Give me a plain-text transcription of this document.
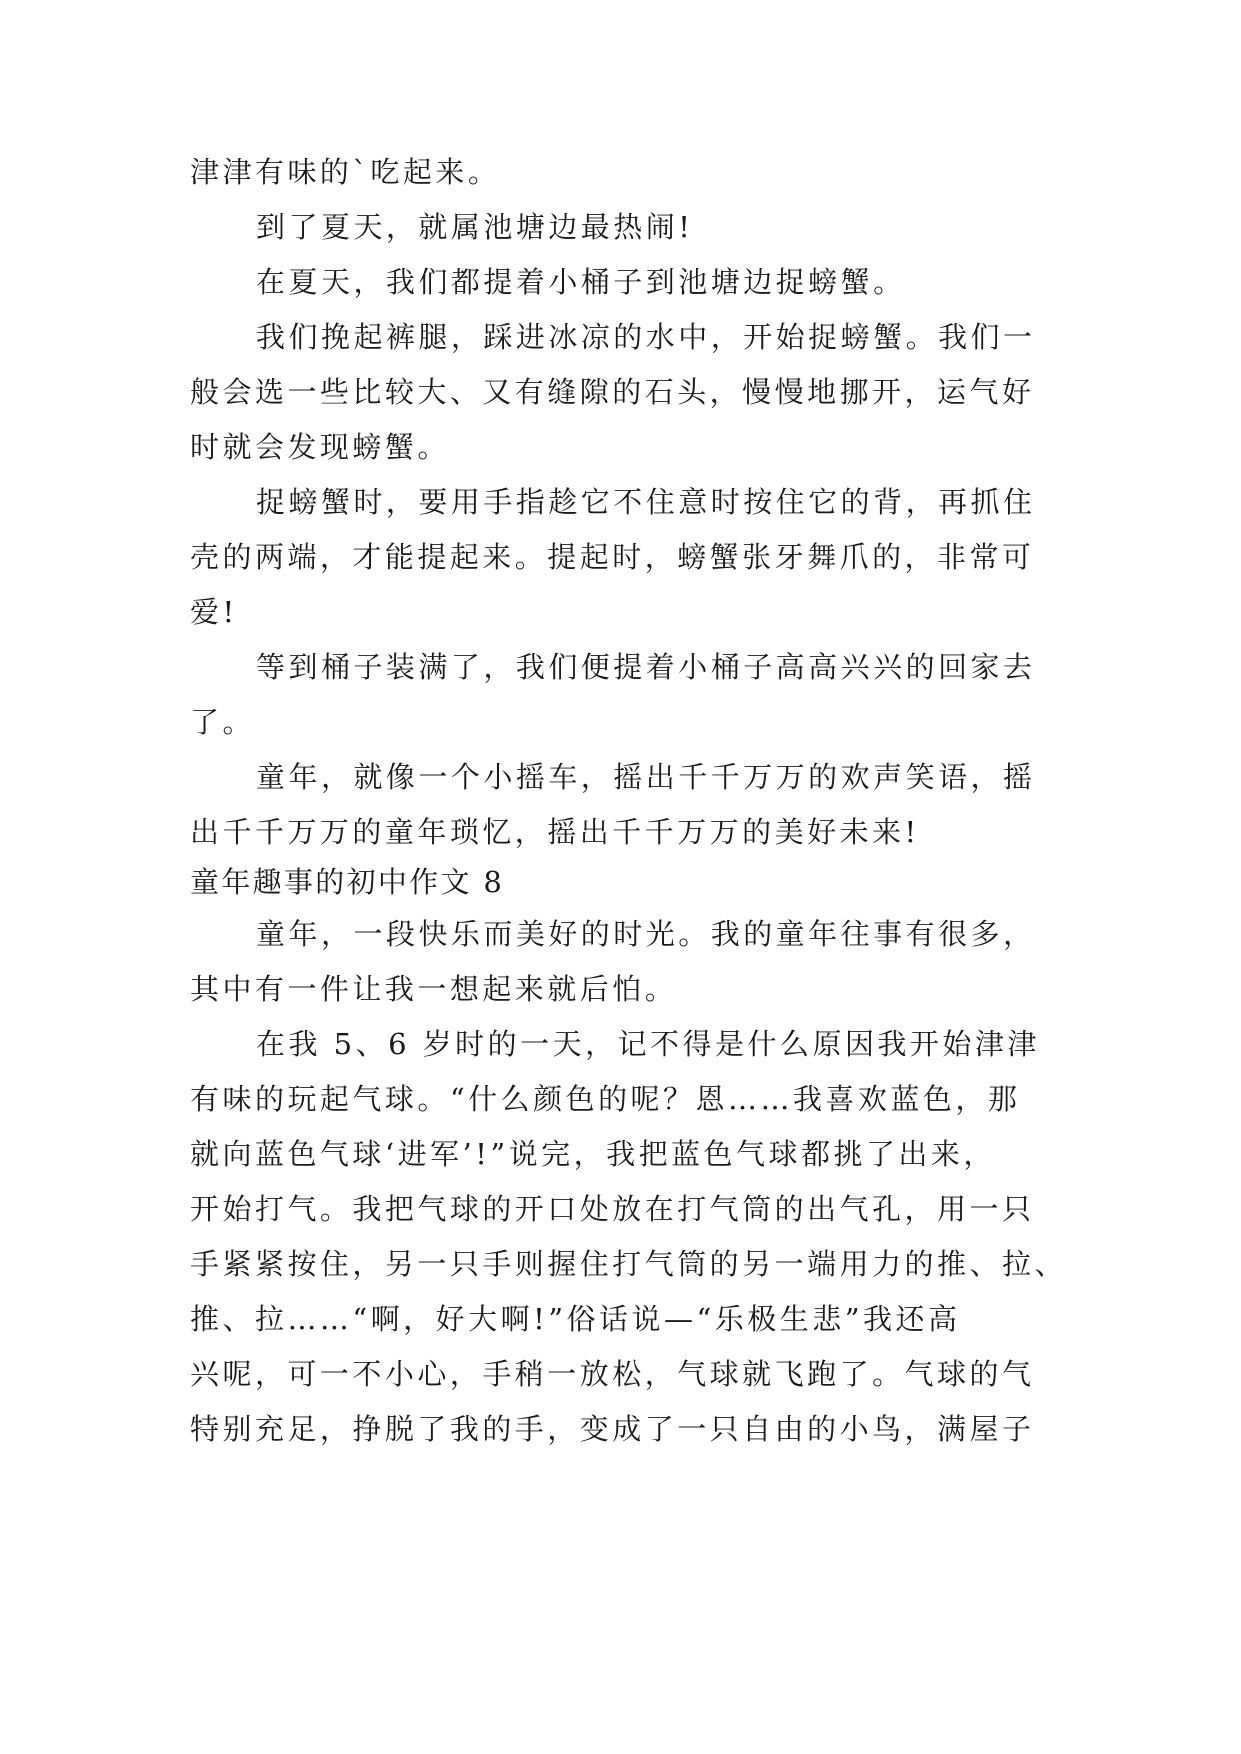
津津有味的`吃起来。
到了夏天，就属池塘边最热闹!
在夏天，我们都提着小桶子到池塘边捉螃蟹。
我们挽起裤腿，踩进冰凉的水中，开始捉螃蟹。我们一
般会选一些比较大、又有缝隙的石头，慢慢地挪开，运气好
时就会发现螃蟹。
捉螃蟹时，要用手指趁它不住意时按住它的背，再抓住
壳的两端，才能提起来。提起时，螃蟹张牙舞爪的，非常可
爱!
等到桶子装满了，我们便提着小桶子高高兴兴的回家去
了。
童年，就像一个小摇车，摇出千千万万的欢声笑语，摇
出千千万万的童年琐忆，摇出千千万万的美好未来!
童年趣事的初中作文 8
童年，一段快乐而美好的时光。我的童年往事有很多，
其中有一件让我一想起来就后怕。
在我 5、6 岁时的一天，记不得是什么原因我开始津津
有味的玩起气球。“什么颜色的呢？恩……我喜欢蓝色，那
就向蓝色气球‘进军’!”说完，我把蓝色气球都挑了出来，
开始打气。我把气球的开口处放在打气筒的出气孔，用一只
手紧紧按住，另一只手则握住打气筒的另一端用力的推、拉、
推、拉……“啊，好大啊!”俗话说—“乐极生悲”我还高
兴呢，可一不小心，手稍一放松，气球就飞跑了。气球的气
特别充足，挣脱了我的手，变成了一只自由的小鸟，满屋子
